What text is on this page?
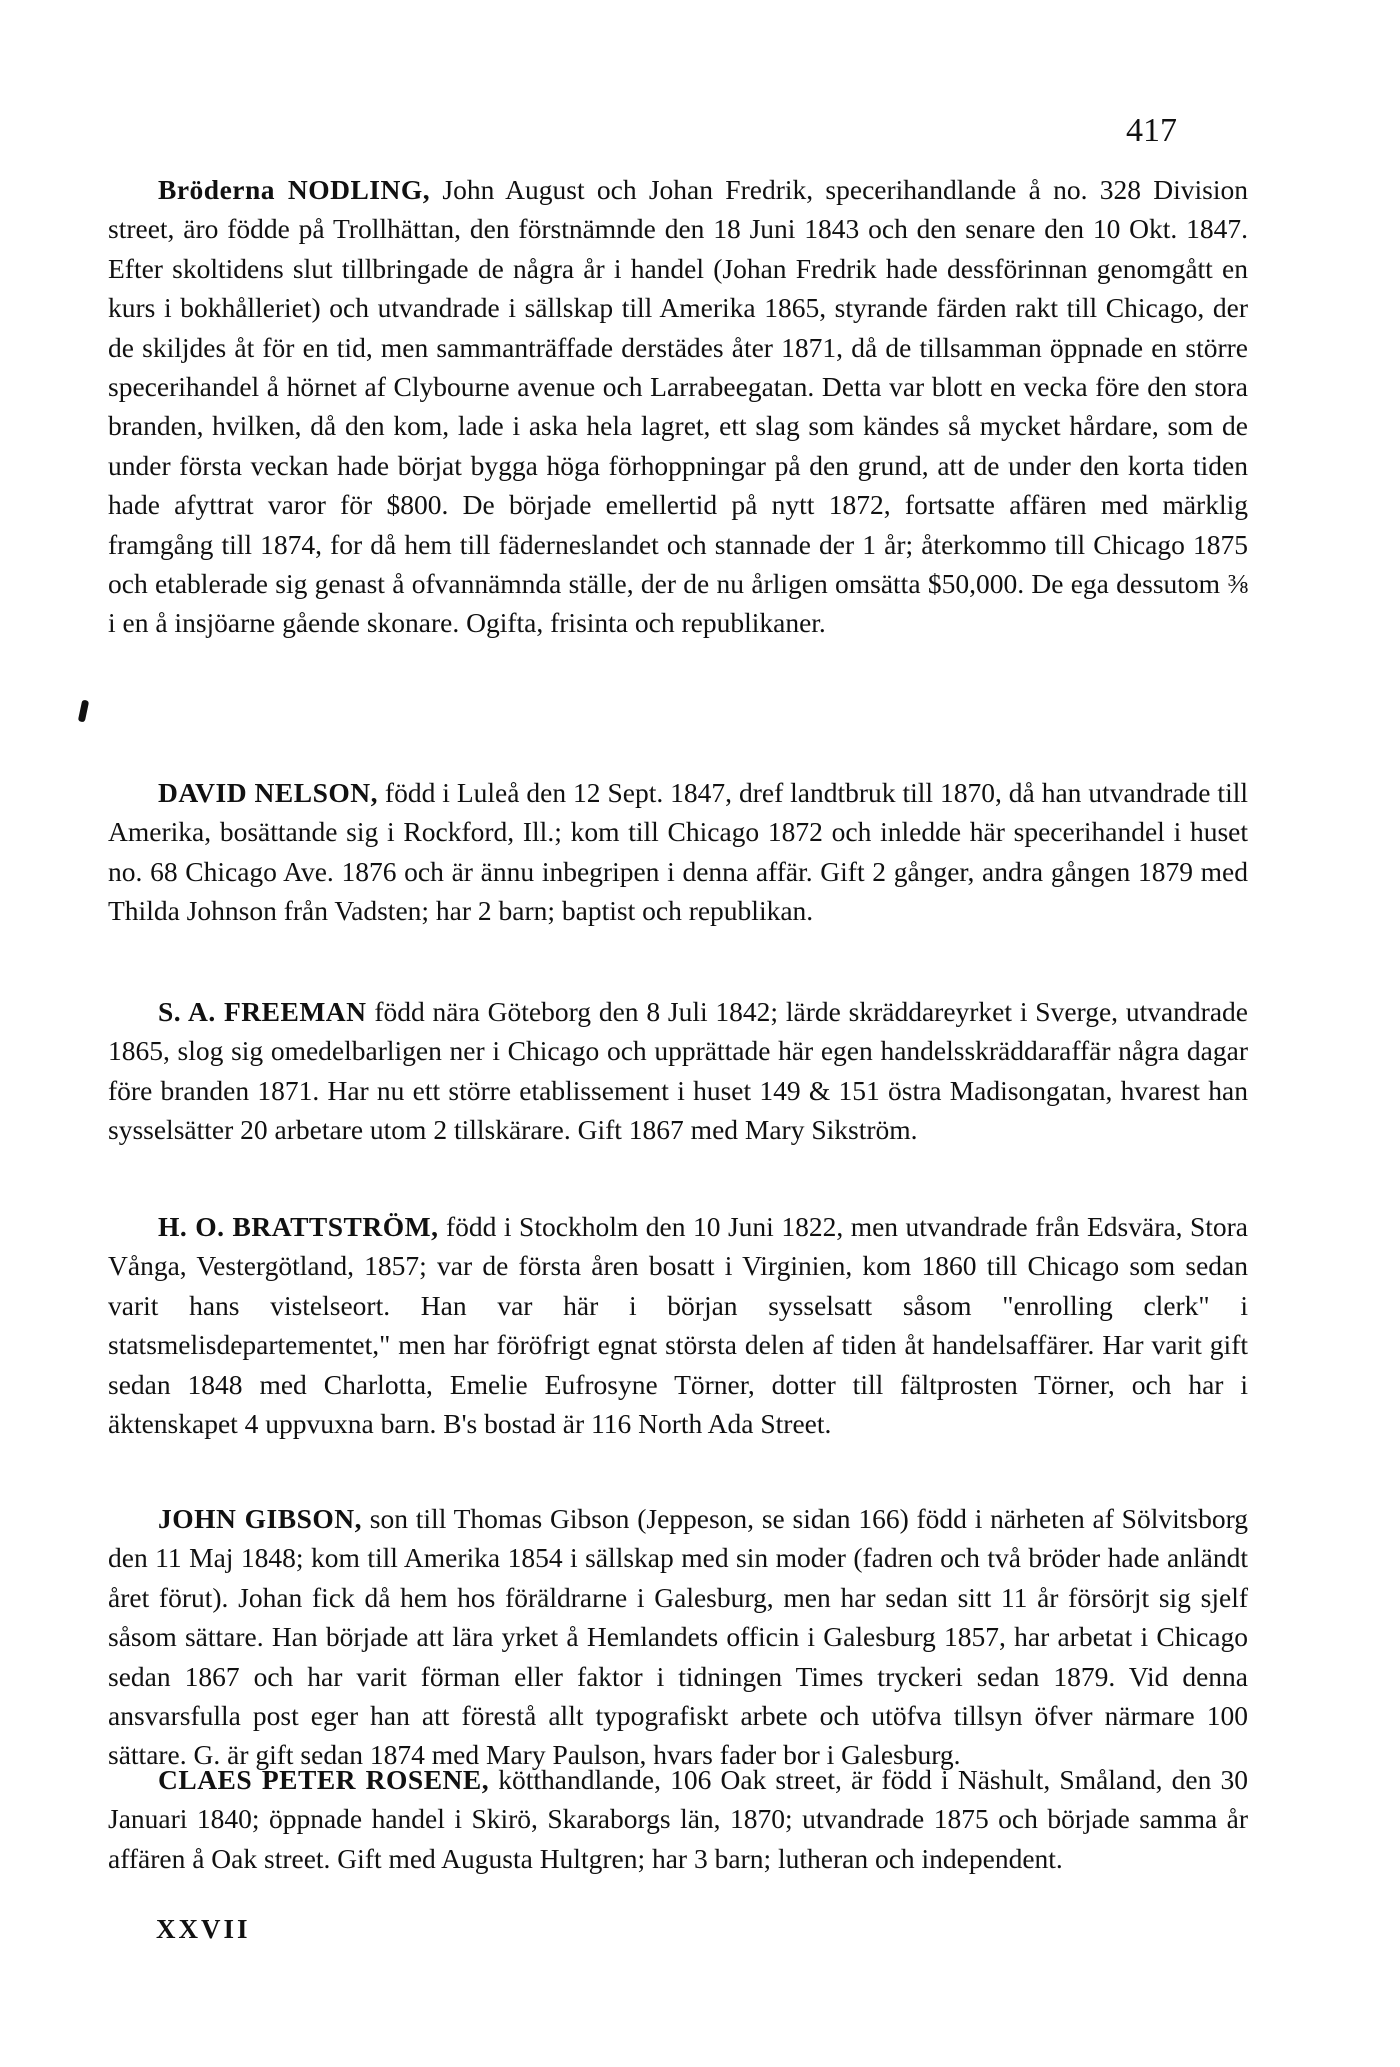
417

Bröderna NODLING, John August och Johan Fredrik, specerihandlande å no. 328 Division street, äro födde på Trollhättan, den förstnämnde den 18 Juni 1843 och den senare den 10 Okt. 1847. Efter skoltidens slut tillbringade de några år i handel (Johan Fredrik hade dessförinnan genomgått en kurs i bokhålleriet) och utvandrade i sällskap till Amerika 1865, styrande färden rakt till Chicago, der de skiljdes åt för en tid, men sammanträffade derstädes åter 1871, då de tillsamman öppnade en större specerihandel å hörnet af Clybourne avenue och Larrabeegatan. Detta var blott en vecka före den stora branden, hvilken, då den kom, lade i aska hela lagret, ett slag som kändes så mycket hårdare, som de under första veckan hade börjat bygga höga förhoppningar på den grund, att de under den korta tiden hade afyttrat varor för $800. De började emellertid på nytt 1872, fortsatte affären med märklig framgång till 1874, for då hem till fäderneslandet och stannade der 1 år; återkommo till Chicago 1875 och etablerade sig genast å ofvannämnda ställe, der de nu årligen omsätta $50,000. De ega dessutom ⅜ i en å insjöarne gående skonare. Ogifta, frisinta och republikaner.

DAVID NELSON, född i Luleå den 12 Sept. 1847, dref landtbruk till 1870, då han utvandrade till Amerika, bosättande sig i Rockford, Ill.; kom till Chicago 1872 och inledde här specerihandel i huset no. 68 Chicago Ave. 1876 och är ännu inbegripen i denna affär. Gift 2 gånger, andra gången 1879 med Thilda Johnson från Vadsten; har 2 barn; baptist och republikan.

S. A. FREEMAN född nära Göteborg den 8 Juli 1842; lärde skräddareyrket i Sverge, utvandrade 1865, slog sig omedelbarligen ner i Chicago och upprättade här egen handelsskräddaraffär några dagar före branden 1871. Har nu ett större etablissement i huset 149 & 151 östra Madisongatan, hvarest han sysselsätter 20 arbetare utom 2 tillskärare. Gift 1867 med Mary Sikström.

H. O. BRATTSTRÖM, född i Stockholm den 10 Juni 1822, men utvandrade från Edsvära, Stora Vånga, Vestergötland, 1857; var de första åren bosatt i Virginien, kom 1860 till Chicago som sedan varit hans vistelseort. Han var här i början sysselsatt såsom "enrolling clerk" i statsmelisdepartementet," men har föröfrigt egnat största delen af tiden åt handelsaffärer. Har varit gift sedan 1848 med Charlotta, Emelie Eufrosyne Törner, dotter till fältprosten Törner, och har i äktenskapet 4 uppvuxna barn. B's bostad är 116 North Ada Street.

JOHN GIBSON, son till Thomas Gibson (Jeppeson, se sidan 166) född i närheten af Sölvitsborg den 11 Maj 1848; kom till Amerika 1854 i sällskap med sin moder (fadren och två bröder hade anländt året förut). Johan fick då hem hos föräldrarne i Galesburg, men har sedan sitt 11 år försörjt sig sjelf såsom sättare. Han började att lära yrket å Hemlandets officin i Galesburg 1857, har arbetat i Chicago sedan 1867 och har varit förman eller faktor i tidningen Times tryckeri sedan 1879. Vid denna ansvarsfulla post eger han att förestå allt typografiskt arbete och utöfva tillsyn öfver närmare 100 sättare. G. är gift sedan 1874 med Mary Paulson, hvars fader bor i Galesburg.

CLAES PETER ROSENE, kötthandlande, 106 Oak street, är född i Näshult, Småland, den 30 Januari 1840; öppnade handel i Skirö, Skaraborgs län, 1870; utvandrade 1875 och började samma år affären å Oak street. Gift med Augusta Hultgren; har 3 barn; lutheran och independent.

XXVII
